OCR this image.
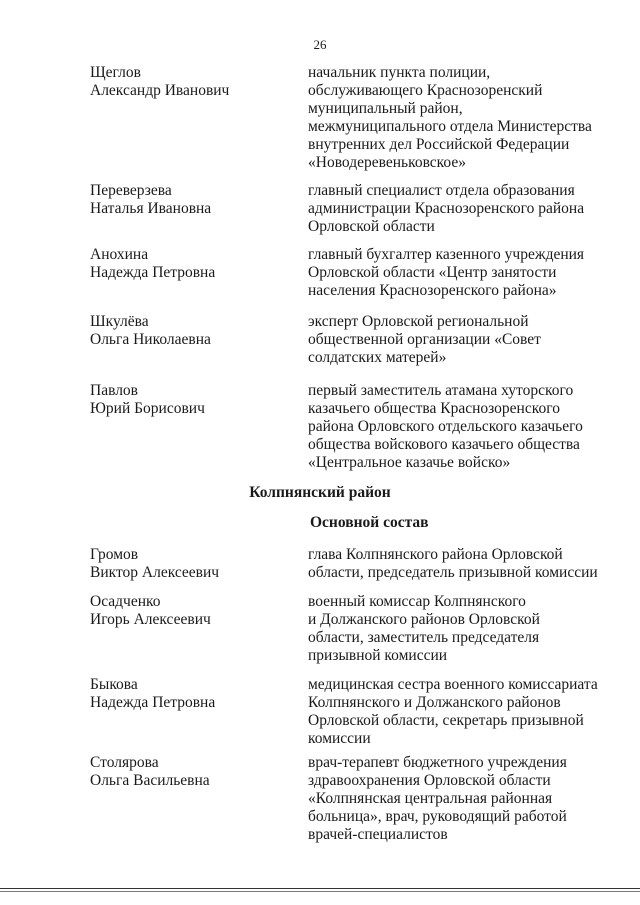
26
Щеглов
Александр Иванович
начальник пункта полиции,
обслуживающего Краснозоренский
муниципальный район,
межмуниципального отдела Министерства
внутренних дел Российской Федерации
«Новодеревеньковское»
Переверзева
Наталья Ивановна
главный специалист отдела образования
администрации Краснозоренского района
Орловской области
Анохина
Надежда Петровна
главный бухгалтер казенного учреждения
Орловской области «Центр занятости
населения Краснозоренского района»
Шкулёва
Ольга Николаевна
эксперт Орловской региональной
общественной организации «Совет
солдатских матерей»
Павлов
Юрий Борисович
первый заместитель атамана хуторского
казачьего общества Краснозоренского
района Орловского отдельского казачьего
общества войскового казачьего общества
«Центральное казачье войско»
Колпнянский район
Основной состав
Громов
Виктор Алексеевич
глава Колпнянского района Орловской
области, председатель призывной комиссии
Осадченко
Игорь Алексеевич
военный комиссар Колпнянского
и Должанского районов Орловской
области, заместитель председателя
призывной комиссии
Быкова
Надежда Петровна
медицинская сестра военного комиссариата
Колпнянского и Должанского районов
Орловской области, секретарь призывной
комиссии
Столярова
Ольга Васильевна
врач-терапевт бюджетного учреждения
здравоохранения Орловской области
«Колпнянская центральная районная
больница», врач, руководящий работой
врачей-специалистов
